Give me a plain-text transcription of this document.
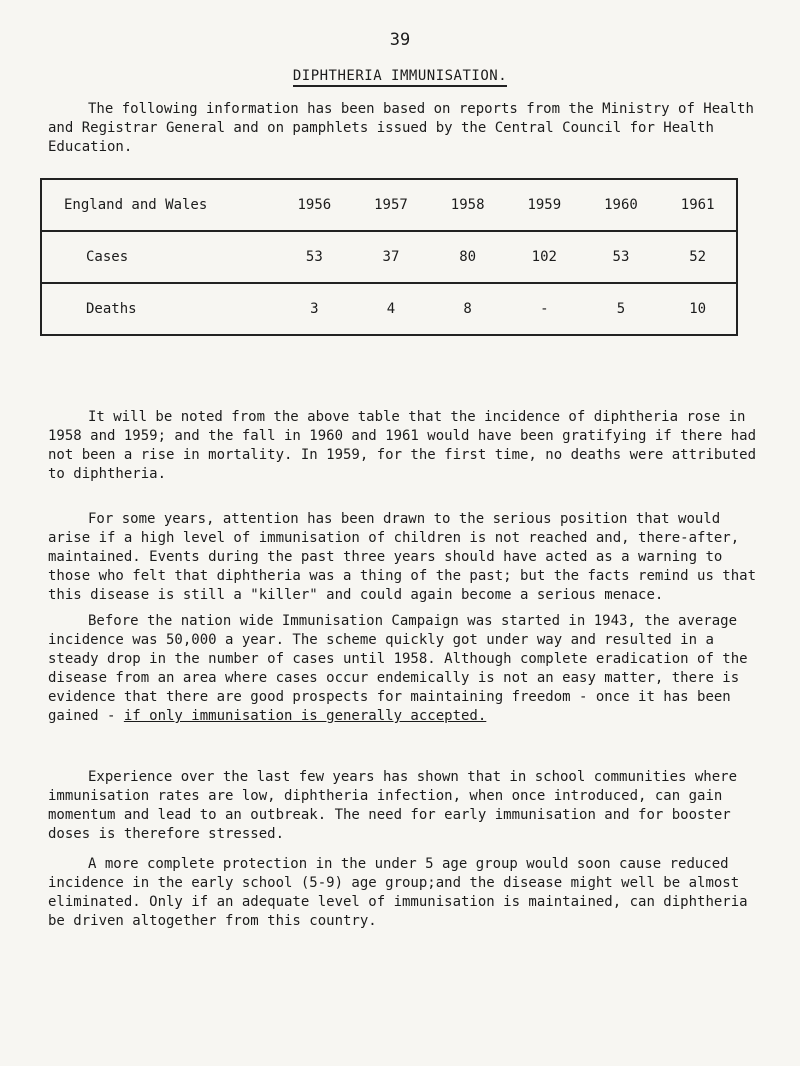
39
DIPHTHERIA IMMUNISATION.

The following information has been based on reports from the Ministry of Health and Registrar General and on pamphlets issued by the Central Council for Health Education.

England and Wales	1956	1957	1958	1959	1960	1961
Cases	53	37	80	102	53	52
Deaths	3	4	8	-	5	10

It will be noted from the above table that the incidence of diphtheria rose in 1958 and 1959; and the fall in 1960 and 1961 would have been gratifying if there had not been a rise in mortality. In 1959, for the first time, no deaths were attributed to diphtheria.

For some years, attention has been drawn to the serious position that would arise if a high level of immunisation of children is not reached and, there-after, maintained. Events during the past three years should have acted as a warning to those who felt that diphtheria was a thing of the past; but the facts remind us that this disease is still a "killer" and could again become a serious menace.

Before the nation wide Immunisation Campaign was started in 1943, the average incidence was 50,000 a year. The scheme quickly got under way and resulted in a steady drop in the number of cases until 1958. Although complete eradication of the disease from an area where cases occur endemically is not an easy matter, there is evidence that there are good prospects for maintaining freedom - once it has been gained - if only immunisation is generally accepted.

Experience over the last few years has shown that in school communities where immunisation rates are low, diphtheria infection, when once introduced, can gain momentum and lead to an outbreak. The need for early immunisation and for booster doses is therefore stressed.

A more complete protection in the under 5 age group would soon cause reduced incidence in the early school (5-9) age group;and the disease might well be almost eliminated. Only if an adequate level of immunisation is maintained, can diphtheria be driven altogether from this country.
